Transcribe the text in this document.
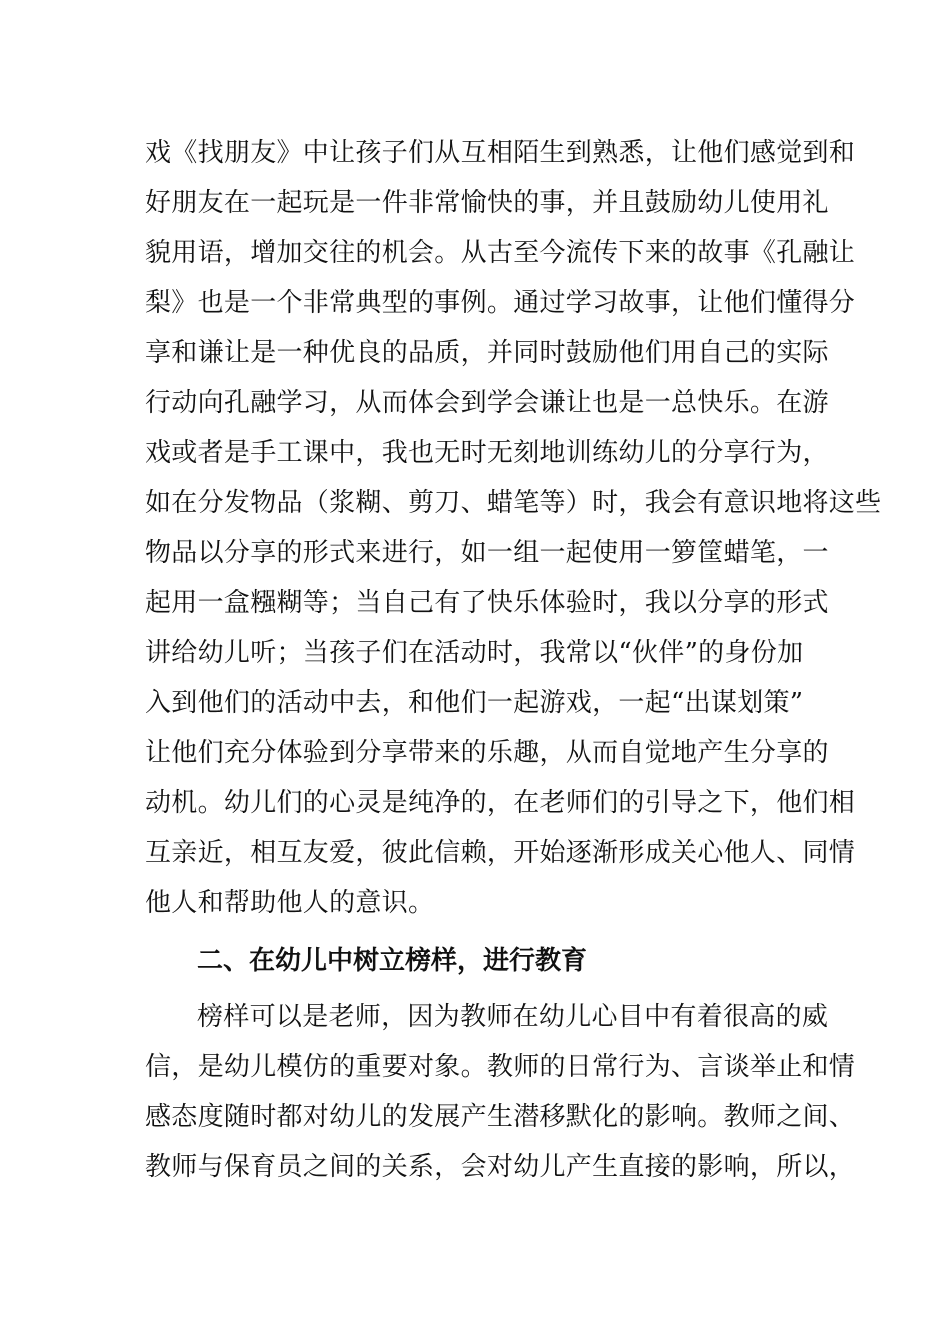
戏《找朋友》中让孩子们从互相陌生到熟悉，让他们感觉到和
好朋友在一起玩是一件非常愉快的事，并且鼓励幼儿使用礼
貌用语，增加交往的机会。从古至今流传下来的故事《孔融让
梨》也是一个非常典型的事例。通过学习故事，让他们懂得分
享和谦让是一种优良的品质，并同时鼓励他们用自己的实际
行动向孔融学习，从而体会到学会谦让也是一总快乐。在游
戏或者是手工课中，我也无时无刻地训练幼儿的分享行为，
如在分发物品（浆糊、剪刀、蜡笔等）时，我会有意识地将这些
物品以分享的形式来进行，如一组一起使用一箩筐蜡笔，一
起用一盒糨糊等；当自己有了快乐体验时，我以分享的形式
讲给幼儿听；当孩子们在活动时，我常以“伙伴”的身份加
入到他们的活动中去，和他们一起游戏，一起“出谋划策”
让他们充分体验到分享带来的乐趣，从而自觉地产生分享的
动机。幼儿们的心灵是纯净的，在老师们的引导之下，他们相
互亲近，相互友爱，彼此信赖，开始逐渐形成关心他人、同情
他人和帮助他人的意识。
二、在幼儿中树立榜样，进行教育
榜样可以是老师，因为教师在幼儿心目中有着很高的威
信，是幼儿模仿的重要对象。教师的日常行为、言谈举止和情
感态度随时都对幼儿的发展产生潜移默化的影响。教师之间、
教师与保育员之间的关系，会对幼儿产生直接的影响，所以，
